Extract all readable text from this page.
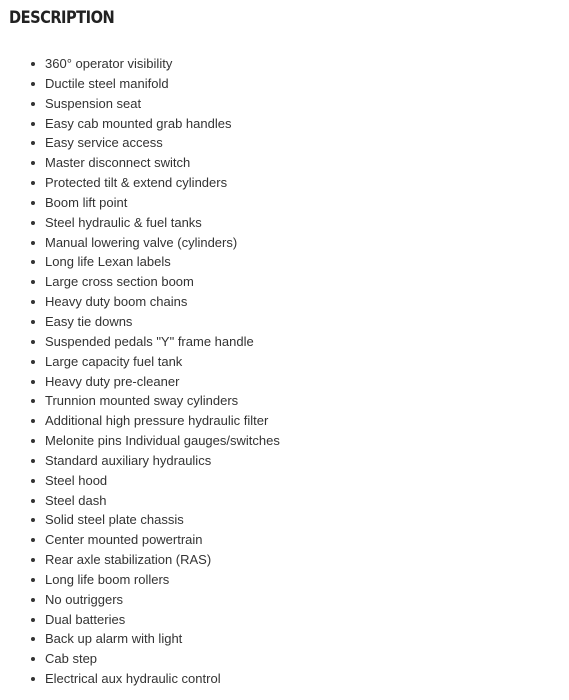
DESCRIPTION
360° operator visibility
Ductile steel manifold
Suspension seat
Easy cab mounted grab handles
Easy service access
Master disconnect switch
Protected tilt & extend cylinders
Boom lift point
Steel hydraulic & fuel tanks
Manual lowering valve (cylinders)
Long life Lexan labels
Large cross section boom
Heavy duty boom chains
Easy tie downs
Suspended pedals "Y" frame handle
Large capacity fuel tank
Heavy duty pre-cleaner
Trunnion mounted sway cylinders
Additional high pressure hydraulic filter
Melonite pins Individual gauges/switches
Standard auxiliary hydraulics
Steel hood
Steel dash
Solid steel plate chassis
Center mounted powertrain
Rear axle stabilization (RAS)
Long life boom rollers
No outriggers
Dual batteries
Back up alarm with light
Cab step
Electrical aux hydraulic control
